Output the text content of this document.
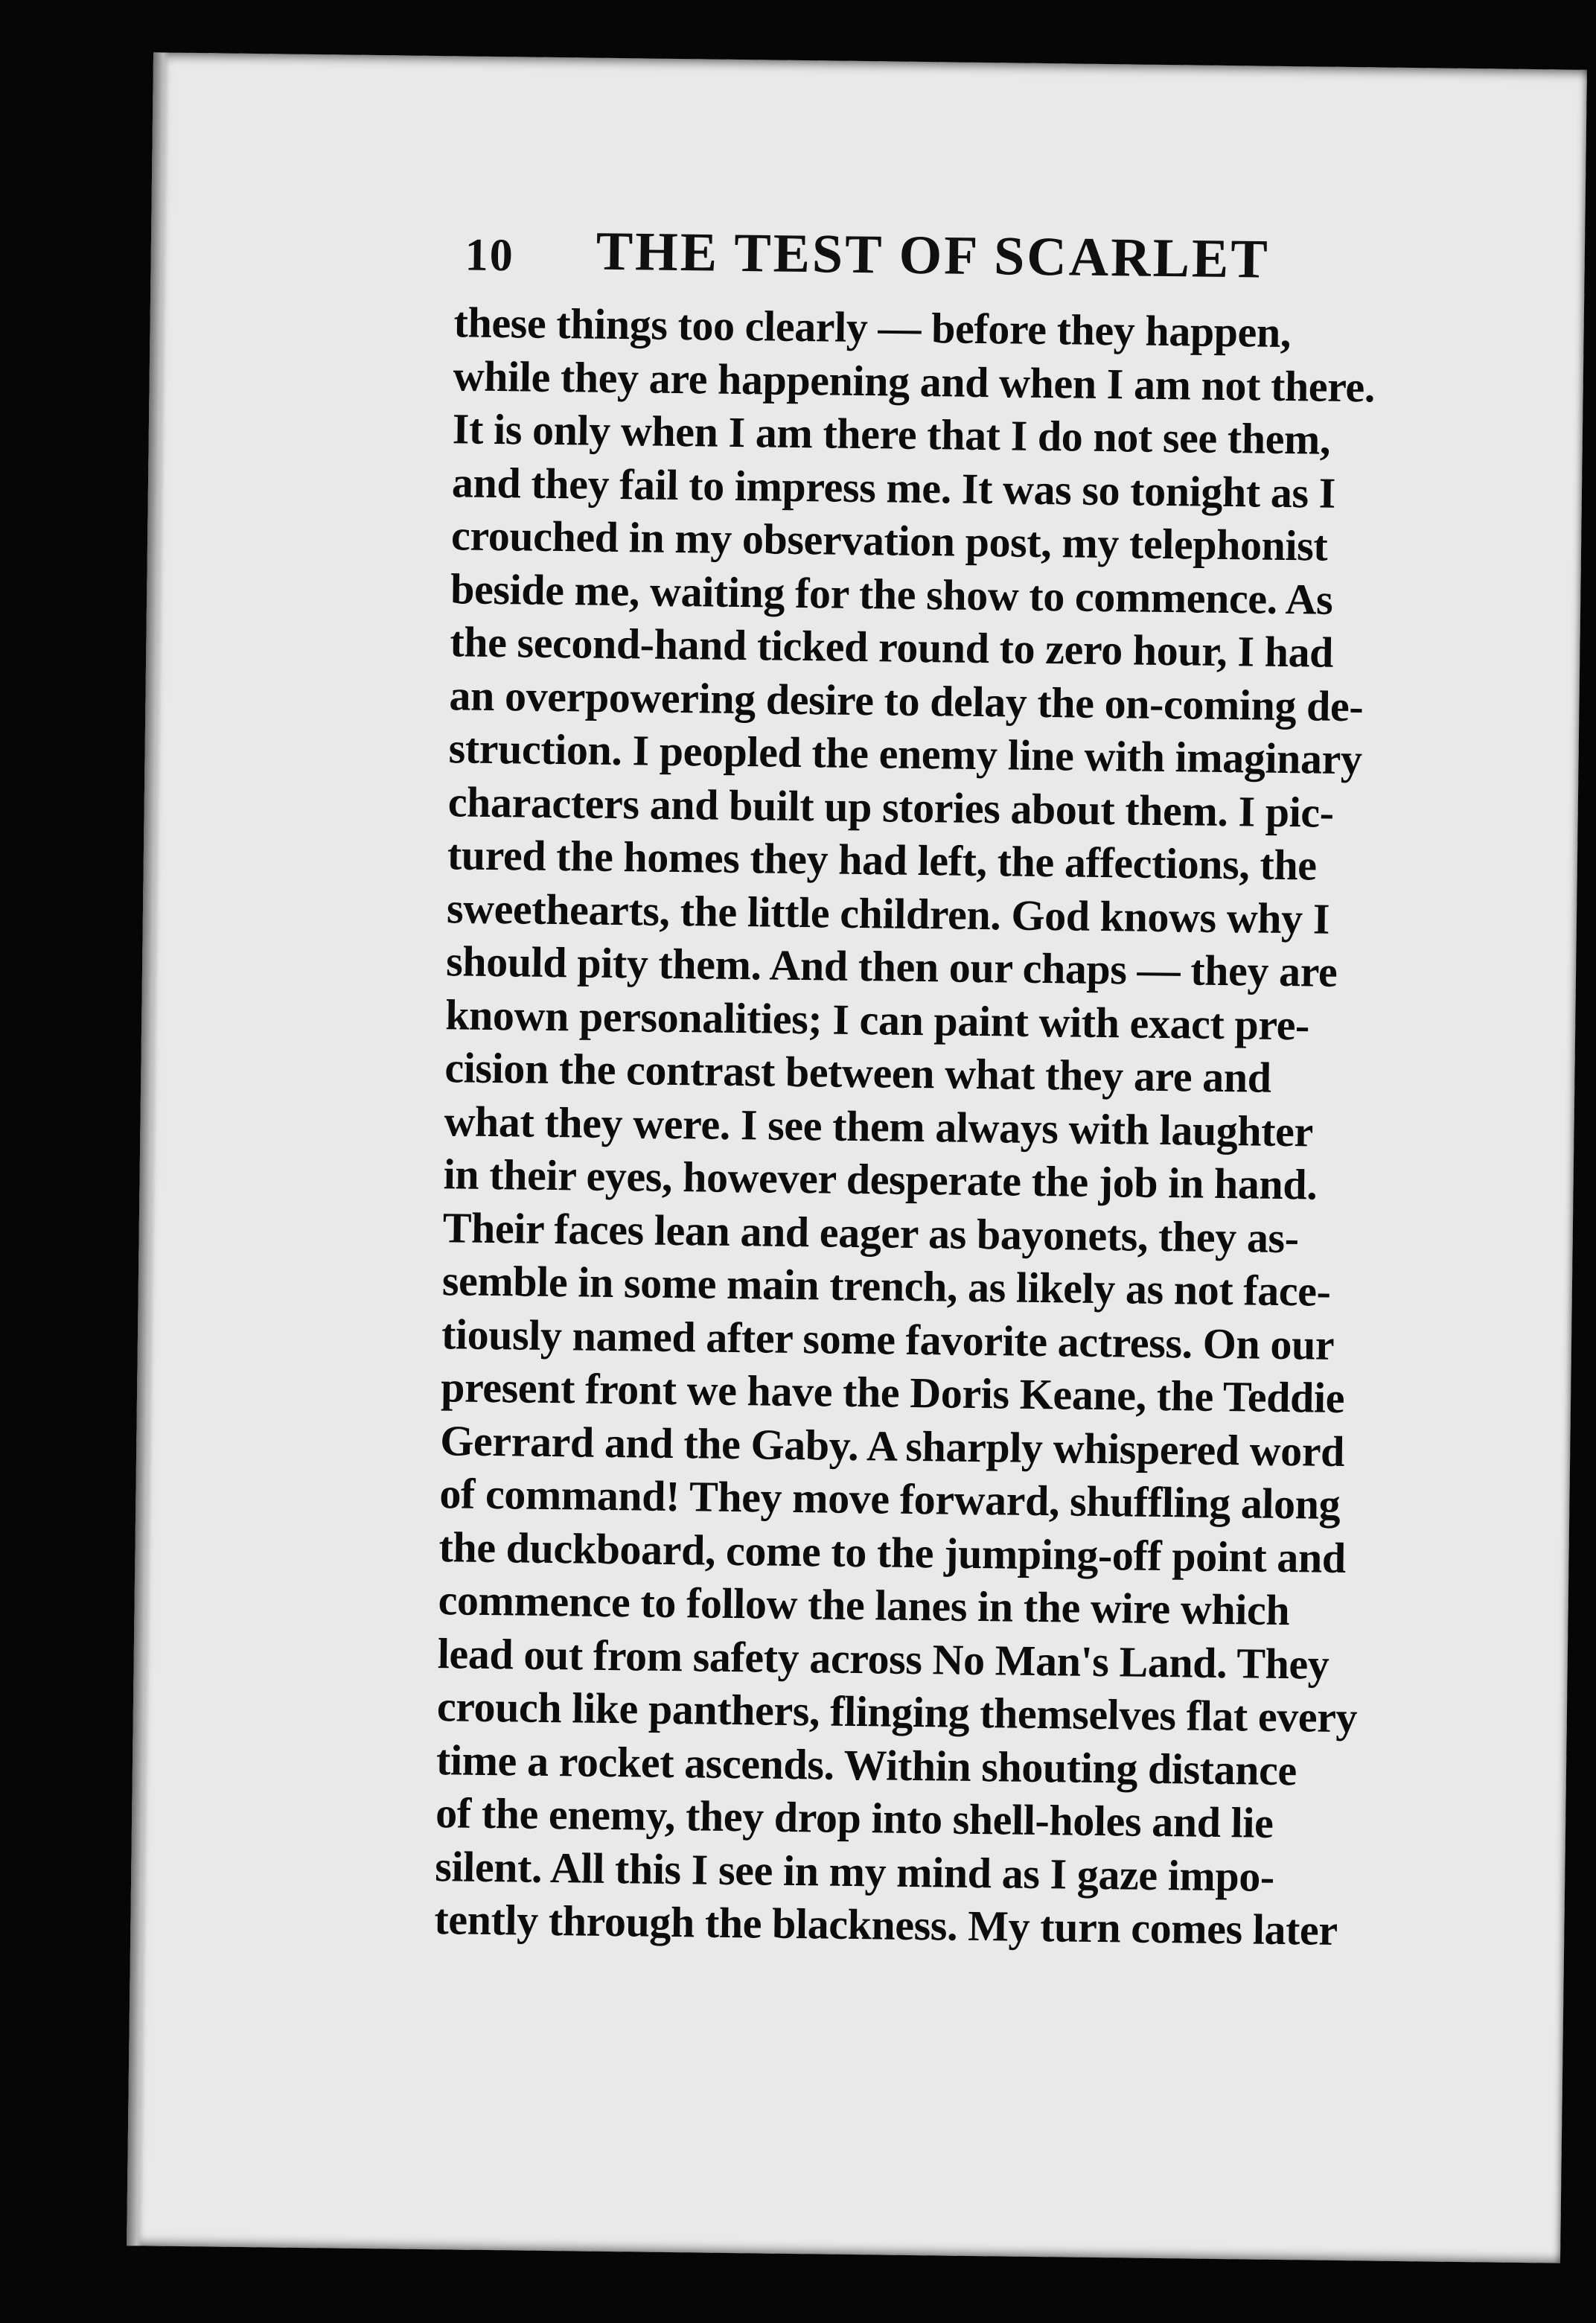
10 THE TEST OF SCARLET
these things too clearly — before they happen,
while they are happening and when I am not there.
It is only when I am there that I do not see them,
and they fail to impress me. It was so tonight as I
crouched in my observation post, my telephonist
beside me, waiting for the show to commence. As
the second-hand ticked round to zero hour, I had
an overpowering desire to delay the on-coming de-
struction. I peopled the enemy line with imaginary
characters and built up stories about them. I pic-
tured the homes they had left, the affections, the
sweethearts, the little children. God knows why I
should pity them. And then our chaps — they are
known personalities; I can paint with exact pre-
cision the contrast between what they are and
what they were. I see them always with laughter
in their eyes, however desperate the job in hand.
Their faces lean and eager as bayonets, they as-
semble in some main trench, as likely as not face-
tiously named after some favorite actress. On our
present front we have the Doris Keane, the Teddie
Gerrard and the Gaby. A sharply whispered word
of command! They move forward, shuffling along
the duckboard, come to the jumping-off point and
commence to follow the lanes in the wire which
lead out from safety across No Man's Land. They
crouch like panthers, flinging themselves flat every
time a rocket ascends. Within shouting distance
of the enemy, they drop into shell-holes and lie
silent. All this I see in my mind as I gaze impo-
tently through the blackness. My turn comes later
